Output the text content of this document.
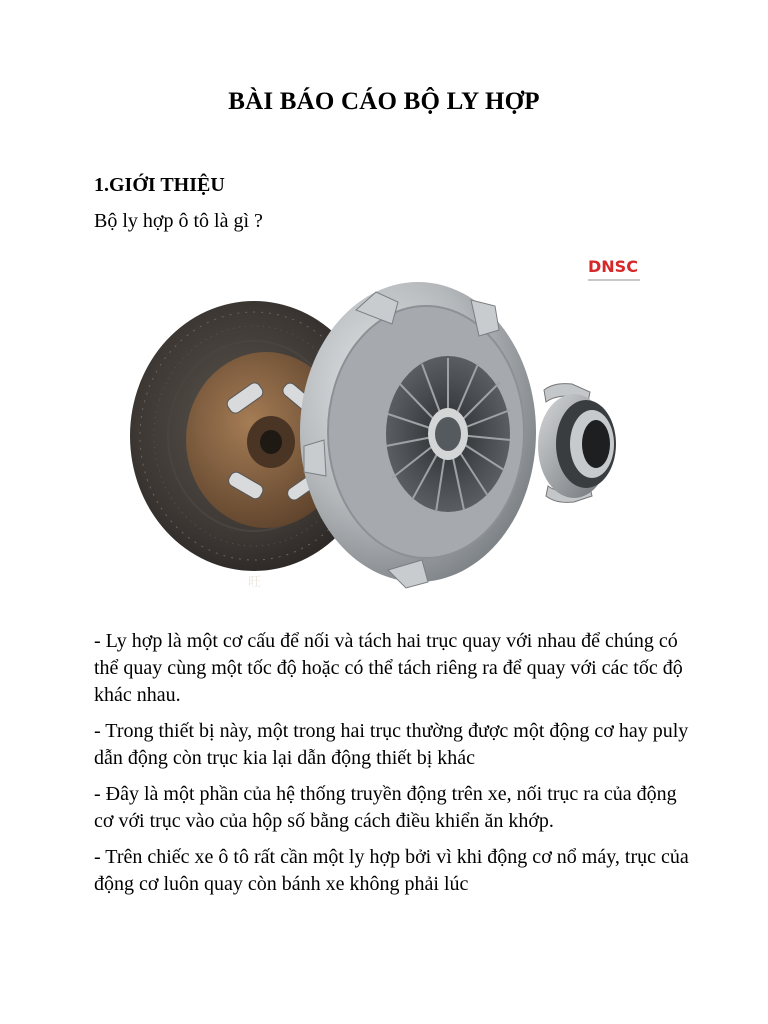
BÀI BÁO CÁO BỘ LY HỢP
1.GIỚI THIỆU

Bộ ly hợp ô tô là gì ?

旺
DNSC

- Ly hợp là một cơ cấu để nối và tách hai trục quay với nhau để chúng có thể quay cùng một tốc độ hoặc có thể tách riêng ra để quay với các tốc độ khác nhau.

- Trong thiết bị này, một trong hai trục thường được một động cơ hay puly dẫn động còn trục kia lại dẫn động thiết bị khác

- Đây là một phần của hệ thống truyền động trên xe, nối trục ra của động cơ với trục vào của hộp số bằng cách điều khiển ăn khớp.

- Trên chiếc xe ô tô rất cần một ly hợp bởi vì khi động cơ nổ máy, trục của động cơ luôn quay còn bánh xe không phải lúc
